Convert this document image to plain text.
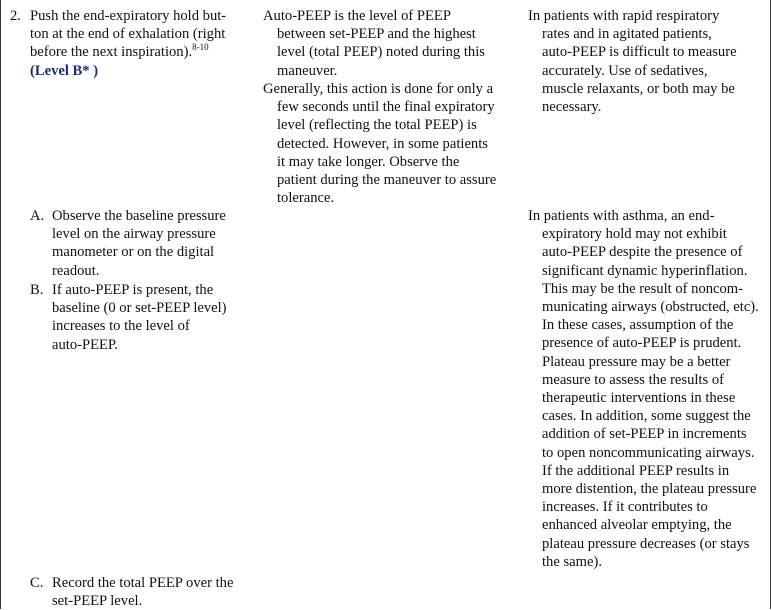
2. Push the end-expiratory hold but-
ton at the end of exhalation (right
before the next inspiration).$^{8-10}$
(Level B* )
A. Observe the baseline pressure
level on the airway pressure
manometer or on the digital
readout.
B. If auto-PEEP is present, the
baseline (0 or set-PEEP level)
increases to the level of
auto-PEEP.
C. Record the total PEEP over the
set-PEEP level.
Auto-PEEP is the level of PEEP
between set-PEEP and the highest
level (total PEEP) noted during this
maneuver.
Generally, this action is done for only a
few seconds until the final expiratory
level (reflecting the total PEEP) is
detected. However, in some patients
it may take longer. Observe the
patient during the maneuver to assure
tolerance.
In patients with rapid respiratory
rates and in agitated patients,
auto-PEEP is difficult to measure
accurately. Use of sedatives,
muscle relaxants, or both may be
necessary.
In patients with asthma, an end-
expiratory hold may not exhibit
auto-PEEP despite the presence of
significant dynamic hyperinflation.
This may be the result of noncom-
municating airways (obstructed, etc).
In these cases, assumption of the
presence of auto-PEEP is prudent.
Plateau pressure may be a better
measure to assess the results of
therapeutic interventions in these
cases. In addition, some suggest the
addition of set-PEEP in increments
to open noncommunicating airways.
If the additional PEEP results in
more distention, the plateau pressure
increases. If it contributes to
enhanced alveolar emptying, the
plateau pressure decreases (or stays
the same).
